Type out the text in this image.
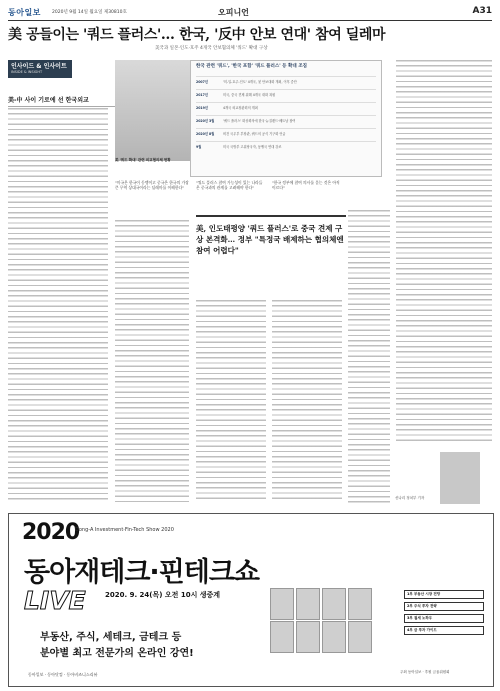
동아일보 2020년 9월 14일 월요일 제30810호	오피니언	A31
美 공들이는 '쿼드 플러스'… 한국, '反中 안보 연대' 참여 딜레마
美국과 일본·인도·호주 4개국 안보협의체 '쿼드' 확대 구상
인사이드 & 인사이트
INSIDE & INSIGHT
美-中 사이 기로에 선 한국외교
美 '쿼드 확대' 관련 외교협의체 현황
한국 관련 '쿼드', '한국 포함' '쿼드 플러스' 등 확대 조짐
2007년	'미-일-호주-인도' 4개국, 첫 안보대화 개최, 이후 중단
2017년	미국, 중국 견제 위해 4개국 대화 복원
2019년	4개국 외교장관회의 개최
2020년 3월	'쿼드 플러스' 화상회의에 한국·뉴질랜드·베트남 참여
2020년 8월	비건 국무부 부장관, 쿼드의 공식 기구화 언급
9월	미국 국방부 고위당국자, 동맹국 연대 강조
"미국은 한국이 동맹이고 중국은 한국의 가장 큰 무역 상대국이라는 딜레마를 이해한다"
"쿼드 플러스 참여 가능성이 있는 나라들은 중국과의 관계를 고려해야 한다"
"한국 정부에 참여 의사를 묻는 것은 아직 이르다"
美, 인도태평양 '쿼드 플러스'로 중국 견제 구상 본격화… 정부 "특정국 배제하는 협의체엔 참여 어렵다"
신나리 정치부 기자
2020
Dong-A Investment·Fin-Tech Show 2020
동아재테크·핀테크쇼
LIVE	2020. 9. 24(목) 오전 10시 생중계
부동산, 주식, 세테크, 금테크 등
분야별 최고 전문가의 온라인 강연!
동아일보 · 동아닷컴 · 동아비즈니스리뷰
1부 부동산 시장 전망
2부 주식 투자 전략
3부 절세 노하우
4부 금 투자 가이드
주최 동아일보 · 후원 금융위원회
